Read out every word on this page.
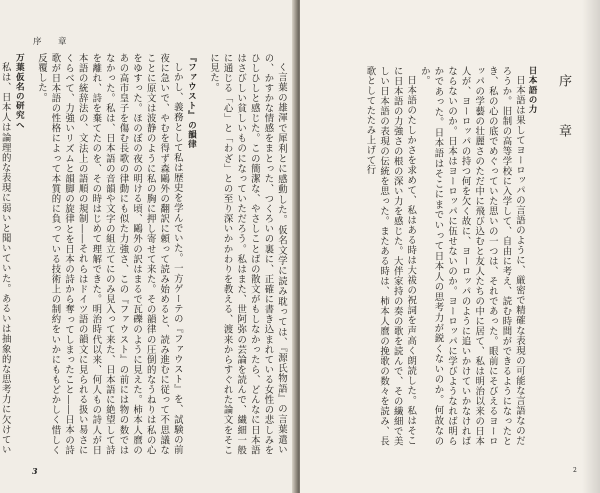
序　章

く言葉の雄渾で犀利とに感動した。仮名文学に読み耽っては、『源氏物語』の言葉遣いの、かすかな情感をまとった、つくろいの裏に、正確に書き込まれている女性の悲しみをひしひしと感じた。この簡潔な、やさしことばの散文がもしなかったら、どんなに日本語はさびしい貧しいものになっていただろう。私はまた、世阿弥の芸論を読んで、繊細一般に通じる「心」と「わざ」との至り深いかかわりを教える、渡来からすぐれた論文をそこに見た。

『ファウスト』の韻律

しかし、義務として私は歴史を学んでいた。一方ゲーテの『ファウスト』を、試験の前夜に急いで、やむを得ず森鷗外の翻訳に頼って読み始めると、読み進むに従って不思議なことに原文は波静のように私の胸に押し寄せて来た。その韻律の圧倒的なうねりは私の心をゆすった。ほのぼの夜の明ける頃、鷗外の訳はまるで瓦礫のように見えた。柿本人麿のあの高市皇子を傷む長歌の律動にも似た力強さ、この『ファウスト』の前には物の数ではなかった。私は、日本語の音韻や文字の組立てにのみ見入って来た、日本語に絶望して詩を離れ、詩を棄てたのを、その時はじめて理解できた。明治時代以来、何人もの詩人が日本語の統辞法の、文法上の語順の規制――それらはドイツ語の韻文に見られる扱い易さにくらべて、力強いリズムと韻脚の旋律とを日本の詩から奪ってしまったこと――日本の詩歌が日本語の性格によって本質的に負っている技術上の制約をいかにももどかしく惜しく反覆した。

万葉仮名の研究へ

私は、日本人は論理的な表現に弱いと聞いていた。あるいは抽象的な思考力に欠けてい

3
序　章
日本語の力

日本語は果してヨーロッパの言語のように、厳密で精確な表現の可能な言語なのだろうか。旧制の高等学校に入学して、自由に考え、読む時間ができるようになったとき、私の心の底でめぐっていた思いの一つは、それであった。眼前にそびえるヨーロッパの学藝の壮麗さのただ中に飛び込むと友人たちの中に居て、私は明治以来の日本人が、ヨーロッパの持つ何を欠く故に、ヨーロッパのように追いかけていかなければならないのか。日本はヨーロッパに伍せないのか。ヨーロッパに学びようなれば明らかであった。日本語はそこにまでいって日本人の思考力が鋭くないのか。何故なのか。

日本語のたしかさを求めて、私はある時は大祓の祝詞を声高く朗読した。私はそこに日本語の力強さの根の深い力を感じた。大伴家持の奏の歌を読んで、その繊細で美しい日本語の表現の伝統を思った。またある時は、柿本人麿の挽歌の数々を読み、長歌としてたたみ上げて行

2
